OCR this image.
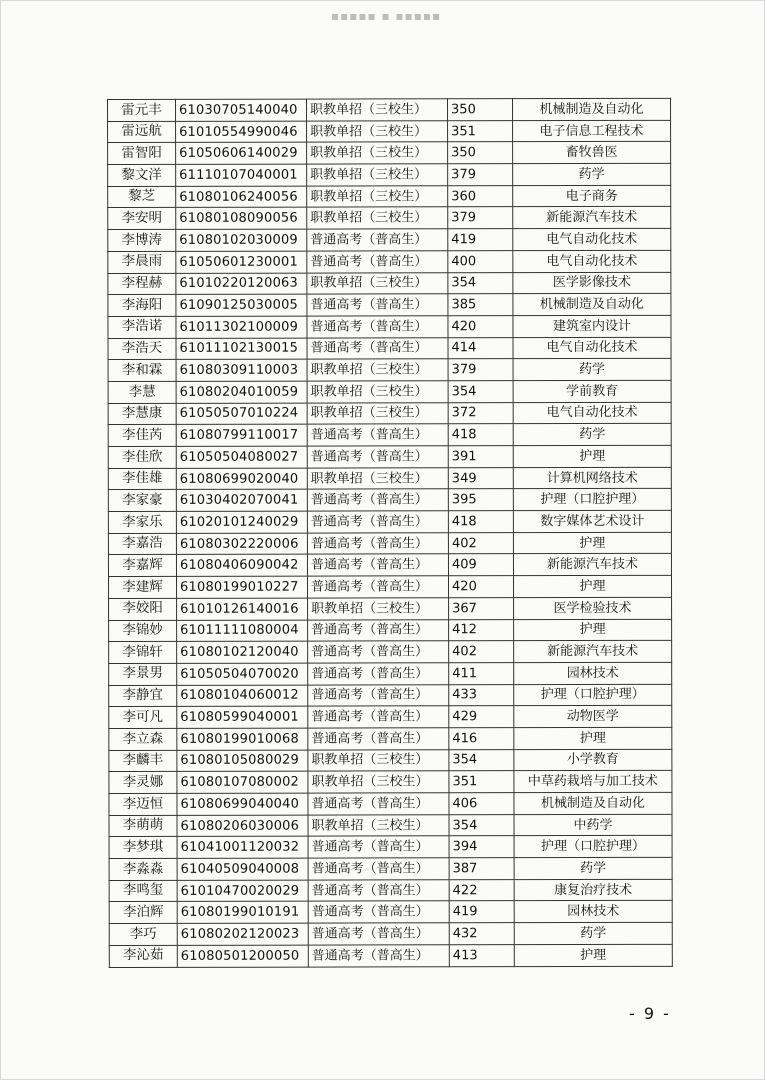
▪▪▪▪▪ ▪ ▪▪▪▪▪
雷元丰	61030705140040	职教单招（三校生）	350	机械制造及自动化
雷远航	61010554990046	职教单招（三校生）	351	电子信息工程技术
雷智阳	61050606140029	职教单招（三校生）	350	畜牧兽医
黎文洋	61110107040001	职教单招（三校生）	379	药学
黎芝	61080106240056	职教单招（三校生）	360	电子商务
李安明	61080108090056	职教单招（三校生）	379	新能源汽车技术
李博涛	61080102030009	普通高考（普高生）	419	电气自动化技术
李晨雨	61050601230001	普通高考（普高生）	400	电气自动化技术
李程赫	61010220120063	职教单招（三校生）	354	医学影像技术
李海阳	61090125030005	普通高考（普高生）	385	机械制造及自动化
李浩诺	61011302100009	普通高考（普高生）	420	建筑室内设计
李浩天	61011102130015	普通高考（普高生）	414	电气自动化技术
李和霖	61080309110003	职教单招（三校生）	379	药学
李慧	61080204010059	职教单招（三校生）	354	学前教育
李慧康	61050507010224	职教单招（三校生）	372	电气自动化技术
李佳芮	61080799110017	普通高考（普高生）	418	药学
李佳欣	61050504080027	普通高考（普高生）	391	护理
李佳雄	61080699020040	职教单招（三校生）	349	计算机网络技术
李家豪	61030402070041	普通高考（普高生）	395	护理（口腔护理）
李家乐	61020101240029	普通高考（普高生）	418	数字媒体艺术设计
李嘉浩	61080302220006	普通高考（普高生）	402	护理
李嘉辉	61080406090042	普通高考（普高生）	409	新能源汽车技术
李建辉	61080199010227	普通高考（普高生）	420	护理
李姣阳	61010126140016	职教单招（三校生）	367	医学检验技术
李锦妙	61011111080004	普通高考（普高生）	412	护理
李锦轩	61080102120040	普通高考（普高生）	402	新能源汽车技术
李景男	61050504070020	普通高考（普高生）	411	园林技术
李静宜	61080104060012	普通高考（普高生）	433	护理（口腔护理）
李可凡	61080599040001	普通高考（普高生）	429	动物医学
李立森	61080199010068	普通高考（普高生）	416	护理
李麟丰	61080105080029	职教单招（三校生）	354	小学教育
李灵娜	61080107080002	职教单招（三校生）	351	中草药栽培与加工技术
李迈恒	61080699040040	普通高考（普高生）	406	机械制造及自动化
李萌萌	61080206030006	职教单招（三校生）	354	中药学
李梦琪	61041001120032	普通高考（普高生）	394	护理（口腔护理）
李淼淼	61040509040008	普通高考（普高生）	387	药学
李鸣玺	61010470020029	普通高考（普高生）	422	康复治疗技术
李泊辉	61080199010191	普通高考（普高生）	419	园林技术
李巧	61080202120023	普通高考（普高生）	432	药学
李沁茹	61080501200050	普通高考（普高生）	413	护理
- 9 -
